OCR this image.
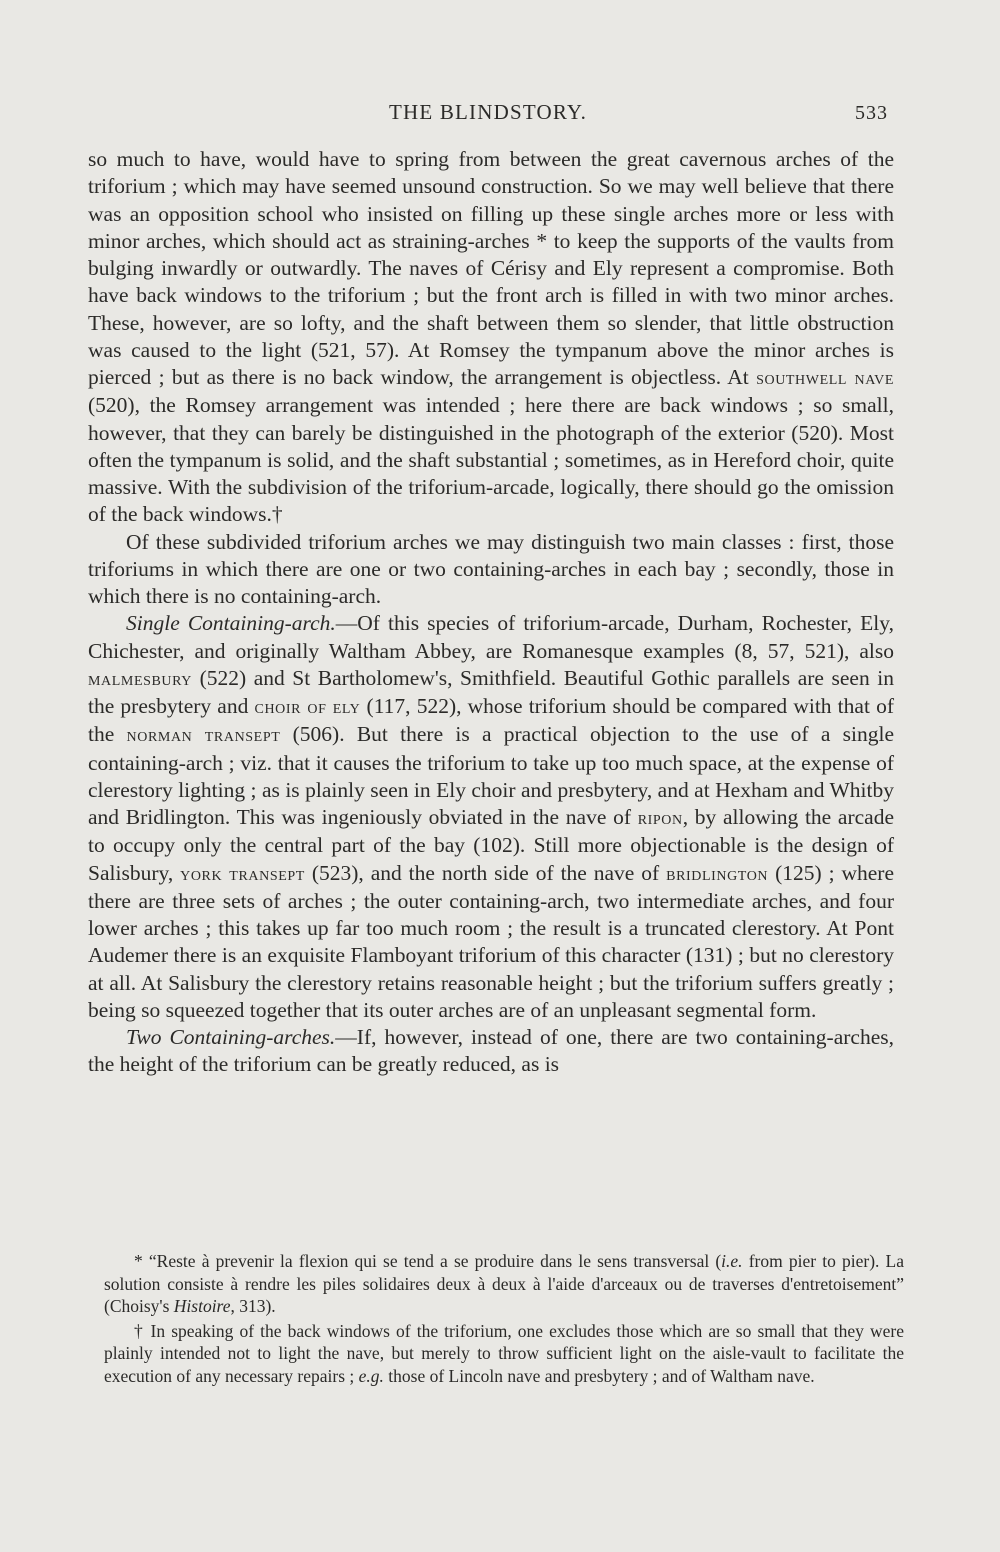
THE BLINDSTORY.	533

so much to have, would have to spring from between the great cavernous arches of the triforium ; which may have seemed unsound construction. So we may well believe that there was an opposition school who insisted on filling up these single arches more or less with minor arches, which should act as straining-arches * to keep the supports of the vaults from bulging inwardly or outwardly. The naves of Cérisy and Ely represent a compromise. Both have back windows to the triforium ; but the front arch is filled in with two minor arches. These, however, are so lofty, and the shaft between them so slender, that little obstruction was caused to the light (521, 57). At Romsey the tympanum above the minor arches is pierced ; but as there is no back window, the arrangement is objectless. At southwell nave (520), the Romsey arrangement was intended ; here there are back windows ; so small, however, that they can barely be distinguished in the photograph of the exterior (520). Most often the tympanum is solid, and the shaft substantial ; sometimes, as in Hereford choir, quite massive. With the subdivision of the triforium-arcade, logically, there should go the omission of the back windows.†

Of these subdivided triforium arches we may distinguish two main classes : first, those triforiums in which there are one or two containing-arches in each bay ; secondly, those in which there is no containing-arch.

Single Containing-arch.—Of this species of triforium-arcade, Durham, Rochester, Ely, Chichester, and originally Waltham Abbey, are Romanesque examples (8, 57, 521), also malmesbury (522) and St Bartholomew's, Smithfield. Beautiful Gothic parallels are seen in the presbytery and choir of ely (117, 522), whose triforium should be compared with that of the norman transept (506). But there is a practical objection to the use of a single containing-arch ; viz. that it causes the triforium to take up too much space, at the expense of clerestory lighting ; as is plainly seen in Ely choir and presbytery, and at Hexham and Whitby and Bridlington. This was ingeniously obviated in the nave of ripon, by allowing the arcade to occupy only the central part of the bay (102). Still more objectionable is the design of Salisbury, york transept (523), and the north side of the nave of bridlington (125) ; where there are three sets of arches ; the outer containing-arch, two intermediate arches, and four lower arches ; this takes up far too much room ; the result is a truncated clerestory. At Pont Audemer there is an exquisite Flamboyant triforium of this character (131) ; but no clerestory at all. At Salisbury the clerestory retains reasonable height ; but the triforium suffers greatly ; being so squeezed together that its outer arches are of an unpleasant segmental form.

Two Containing-arches.—If, however, instead of one, there are two containing-arches, the height of the triforium can be greatly reduced, as is

* “Reste à prevenir la flexion qui se tend a se produire dans le sens transversal (i.e. from pier to pier). La solution consiste à rendre les piles solidaires deux à deux à l'aide d'arceaux ou de traverses d'entretoisement” (Choisy's Histoire, 313).

† In speaking of the back windows of the triforium, one excludes those which are so small that they were plainly intended not to light the nave, but merely to throw sufficient light on the aisle-vault to facilitate the execution of any necessary repairs ; e.g. those of Lincoln nave and presbytery ; and of Waltham nave.
